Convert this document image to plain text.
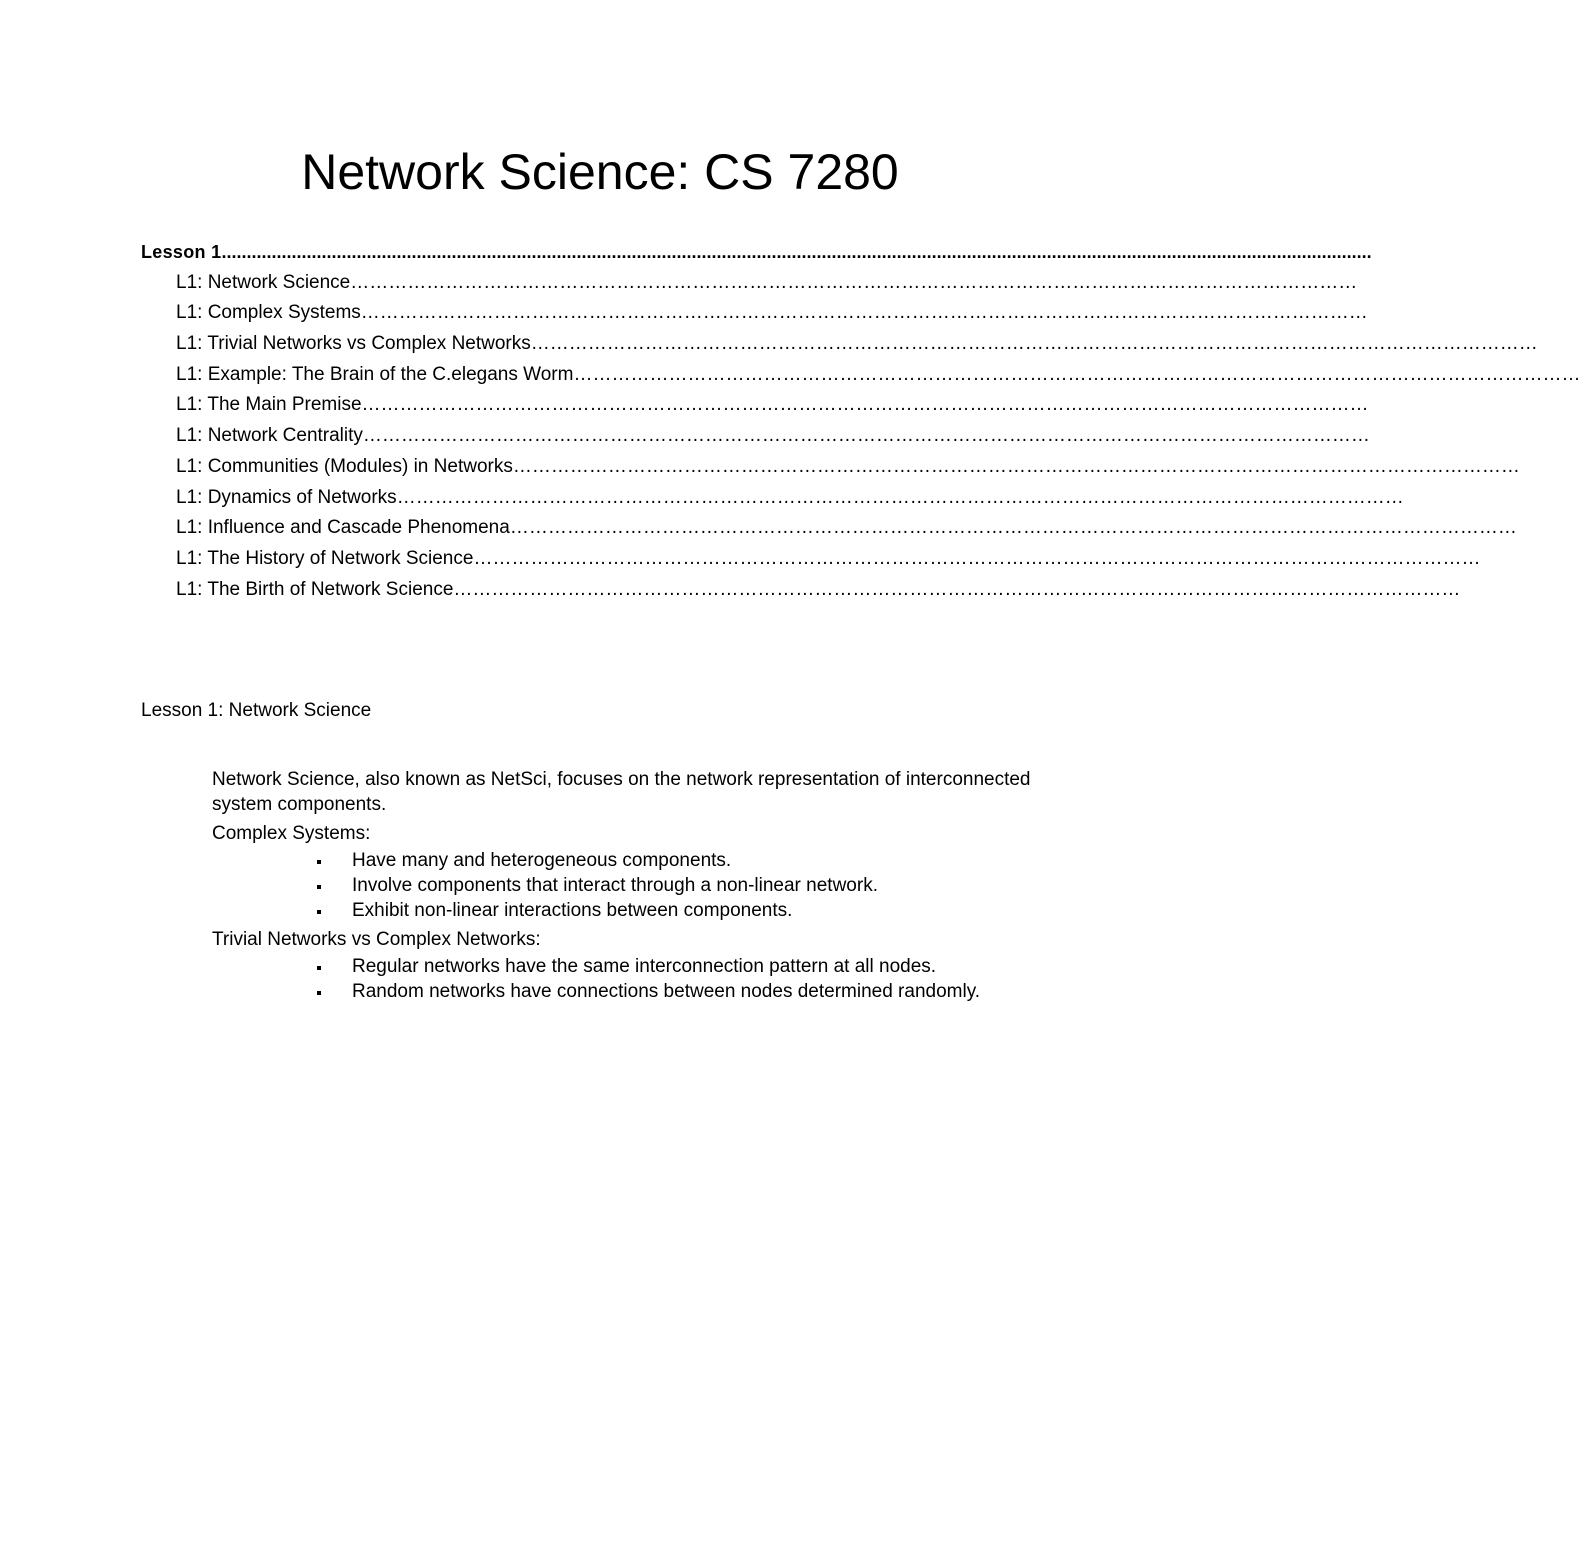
Network Science: CS 7280
Lesson 1......................................................................................................................................................................................................................................
L1: Network Science……………………………………………………………………………………………………………………………………………
L1: Complex Systems……………………………………………………………………………………………………………………………………………
L1: Trivial Networks vs Complex Networks……………………………………………………………………………………………………………………………………………
L1: Example: The Brain of the C.elegans Worm……………………………………………………………………………………………………………………………………………
L1: The Main Premise……………………………………………………………………………………………………………………………………………
L1: Network Centrality……………………………………………………………………………………………………………………………………………
L1: Communities (Modules) in Networks……………………………………………………………………………………………………………………………………………
L1: Dynamics of Networks……………………………………………………………………………………………………………………………………………
L1: Influence and Cascade Phenomena……………………………………………………………………………………………………………………………………………
L1: The History of Network Science……………………………………………………………………………………………………………………………………………
L1: The Birth of Network Science……………………………………………………………………………………………………………………………………………
Lesson 1: Network Science

Network Science, also known as NetSci, focuses on the network representation of interconnected system components.

Complex Systems:

Have many and heterogeneous components.
Involve components that interact through a non-linear network.
Exhibit non-linear interactions between components.

Trivial Networks vs Complex Networks:

Regular networks have the same interconnection pattern at all nodes.
Random networks have connections between nodes determined randomly.
